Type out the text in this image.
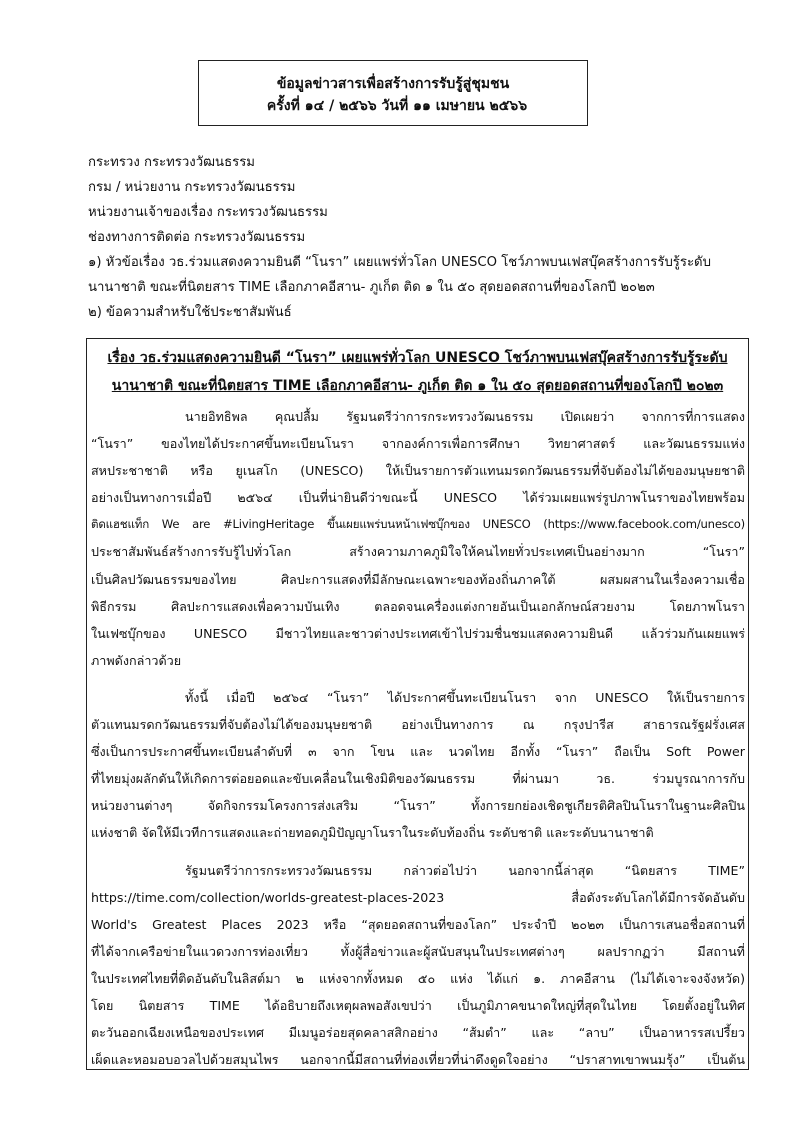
ข้อมูลข่าวสารเพื่อสร้างการรับรู้สู่ชุมชน
ครั้งที่ ๑๔ / ๒๕๖๖ วันที่ ๑๑ เมษายน ๒๕๖๖
กระทรวง กระทรวงวัฒนธรรม
กรม / หน่วยงาน กระทรวงวัฒนธรรม
หน่วยงานเจ้าของเรื่อง กระทรวงวัฒนธรรม
ช่องทางการติดต่อ กระทรวงวัฒนธรรม
๑) หัวข้อเรื่อง วธ.ร่วมแสดงความยินดี “โนรา” เผยแพร่ทั่วโลก UNESCO โชว์ภาพบนเฟสบุ๊คสร้างการรับรู้ระดับ
นานาชาติ ขณะที่นิตยสาร TIME เลือกภาคอีสาน- ภูเก็ต ติด ๑ ใน ๕๐ สุดยอดสถานที่ของโลกปี ๒๐๒๓
๒) ข้อความสำหรับใช้ประชาสัมพันธ์
เรื่อง วธ.ร่วมแสดงความยินดี “โนรา” เผยแพร่ทั่วโลก UNESCO โชว์ภาพบนเฟสบุ๊คสร้างการรับรู้ระดับ
นานาชาติ ขณะที่นิตยสาร TIME เลือกภาคอีสาน- ภูเก็ต ติด ๑ ใน ๕๐ สุดยอดสถานที่ของโลกปี ๒๐๒๓
นายอิทธิพล คุณปลื้ม รัฐมนตรีว่าการกระทรวงวัฒนธรรม เปิดเผยว่า จากการที่การแสดง
“โนรา” ของไทยได้ประกาศขึ้นทะเบียนโนรา จากองค์การเพื่อการศึกษา วิทยาศาสตร์ และวัฒนธรรมแห่ง
สหประชาชาติ หรือ ยูเนสโก (UNESCO) ให้เป็นรายการตัวแทนมรดกวัฒนธรรมที่จับต้องไม่ได้ของมนุษยชาติ
อย่างเป็นทางการเมื่อปี ๒๕๖๔ เป็นที่น่ายินดีว่าขณะนี้ UNESCO ได้ร่วมเผยแพร่รูปภาพโนราของไทยพร้อม
ติดแฮชแท็ก We are #LivingHeritage ขึ้นเผยแพร่บนหน้าเฟซบุ๊กของ UNESCO (https://www.facebook.com/unesco)
ประชาสัมพันธ์สร้างการรับรู้ไปทั่วโลก สร้างความภาคภูมิใจให้คนไทยทั่วประเทศเป็นอย่างมาก “โนรา”
เป็นศิลปวัฒนธรรมของไทย ศิลปะการแสดงที่มีลักษณะเฉพาะของท้องถิ่นภาคใต้ ผสมผสานในเรื่องความเชื่อ
พิธีกรรม ศิลปะการแสดงเพื่อความบันเทิง ตลอดจนเครื่องแต่งกายอันเป็นเอกลักษณ์สวยงาม โดยภาพโนรา
ในเฟซบุ๊กของ UNESCO มีชาวไทยและชาวต่างประเทศเข้าไปร่วมชื่นชมแสดงความยินดี แล้วร่วมกันเผยแพร่
ภาพดังกล่าวด้วย
ทั้งนี้ เมื่อปี ๒๕๖๔ “โนรา” ได้ประกาศขึ้นทะเบียนโนรา จาก UNESCO ให้เป็นรายการ
ตัวแทนมรดกวัฒนธรรมที่จับต้องไม่ได้ของมนุษยชาติ อย่างเป็นทางการ ณ กรุงปารีส สาธารณรัฐฝรั่งเศส
ซึ่งเป็นการประกาศขึ้นทะเบียนลำดับที่ ๓ จาก โขน และ นวดไทย อีกทั้ง “โนรา” ถือเป็น Soft Power
ที่ไทยมุ่งผลักดันให้เกิดการต่อยอดและขับเคลื่อนในเชิงมิติของวัฒนธรรม ที่ผ่านมา วธ. ร่วมบูรณาการกับ
หน่วยงานต่างๆ จัดกิจกรรมโครงการส่งเสริม “โนรา” ทั้งการยกย่องเชิดชูเกียรติศิลปินโนราในฐานะศิลปิน
แห่งชาติ จัดให้มีเวทีการแสดงและถ่ายทอดภูมิปัญญาโนราในระดับท้องถิ่น ระดับชาติ และระดับนานาชาติ
รัฐมนตรีว่าการกระทรวงวัฒนธรรม กล่าวต่อไปว่า นอกจากนี้ล่าสุด “นิตยสาร TIME”
https://time.com/collection/worlds-greatest-places-2023 สื่อดังระดับโลกได้มีการจัดอันดับ
World's Greatest Places 2023 หรือ “สุดยอดสถานที่ของโลก” ประจำปี ๒๐๒๓ เป็นการเสนอชื่อสถานที่
ที่ได้จากเครือข่ายในแวดวงการท่องเที่ยว ทั้งผู้สื่อข่าวและผู้สนับสนุนในประเทศต่างๆ ผลปรากฏว่า มีสถานที่
ในประเทศไทยที่ติดอันดับในลิสต์มา ๒ แห่งจากทั้งหมด ๕๐ แห่ง ได้แก่ ๑. ภาคอีสาน (ไม่ได้เจาะจงจังหวัด)
โดย นิตยสาร TIME ได้อธิบายถึงเหตุผลพอสังเขปว่า เป็นภูมิภาคขนาดใหญ่ที่สุดในไทย โดยตั้งอยู่ในทิศ
ตะวันออกเฉียงเหนือของประเทศ มีเมนูอร่อยสุดคลาสสิกอย่าง “ส้มตำ” และ “ลาบ” เป็นอาหารรสเปรี้ยว
เผ็ดและหอมอบอวลไปด้วยสมุนไพร นอกจากนี้มีสถานที่ท่องเที่ยวที่น่าดึงดูดใจอย่าง “ปราสาทเขาพนมรุ้ง” เป็นต้น
